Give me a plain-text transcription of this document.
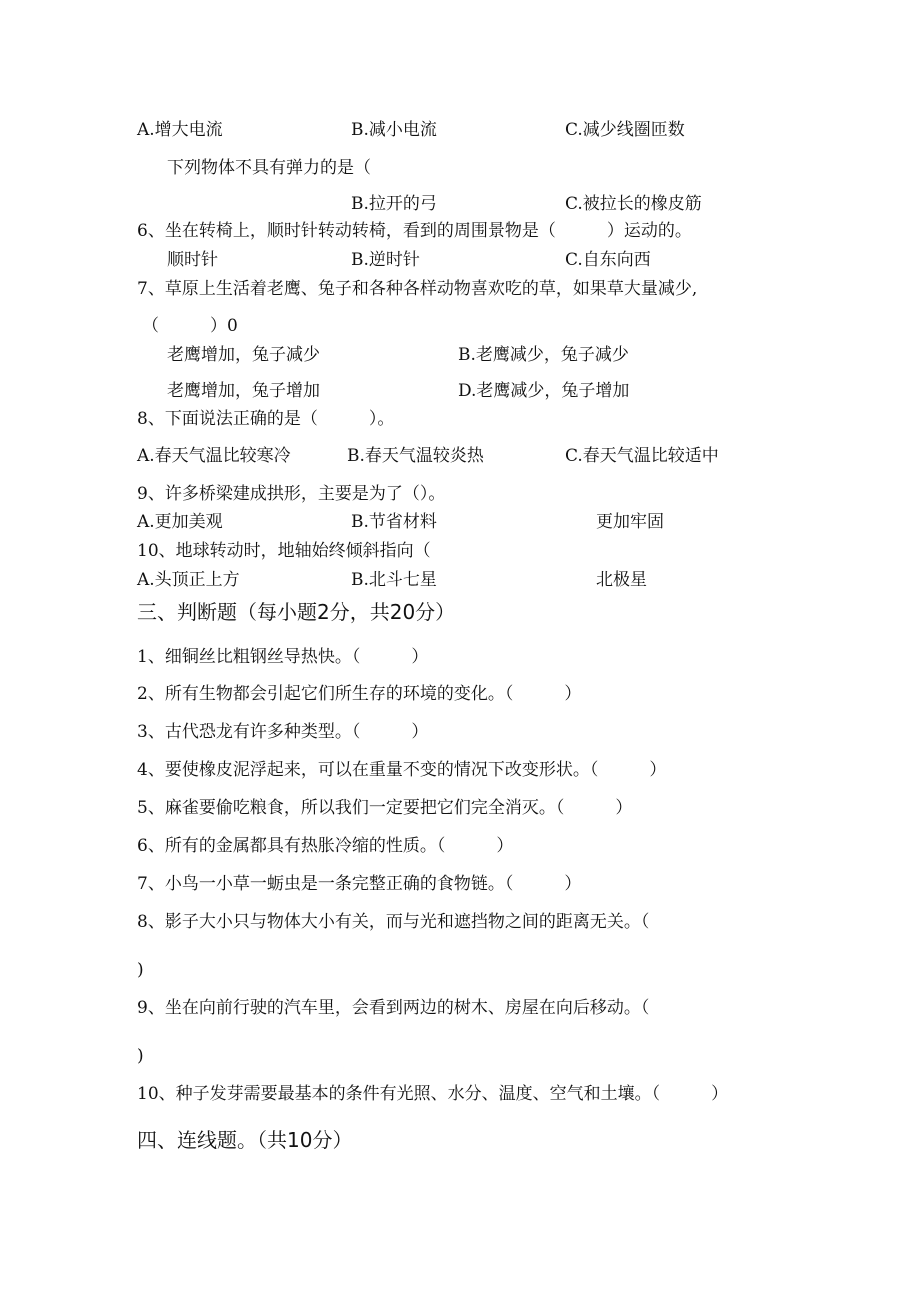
A.增大电流	B.减小电流	C.减少线圈匝数
下列物体不具有弹力的是（
B.拉开的弓	C.被拉长的橡皮筋
6、坐在转椅上，顺时针转动转椅，看到的周围景物是（　　　）运动的。
顺时针	B.逆时针	C.自东向西
7、草原上生活着老鹰、兔子和各种各样动物喜欢吃的草，如果草大量减少,
（　　　）0
老鹰增加，兔子减少	B.老鹰减少，兔子减少
老鹰增加，兔子增加	D.老鹰减少，兔子增加
8、下面说法正确的是（　　　）。
A.春天气温比较寒冷	B.春天气温较炎热	C.春天气温比较适中
9、许多桥梁建成拱形，主要是为了（）。
A.更加美观	B.节省材料	更加牢固
10、地球转动时，地轴始终倾斜指向（
A.头顶正上方	B.北斗七星	北极星
三、判断题（每小题2分，共20分）
1、细铜丝比粗钢丝导热快。（　　　）
2、所有生物都会引起它们所生存的环境的变化。（　　　）
3、古代恐龙有许多种类型。（　　　）
4、要使橡皮泥浮起来，可以在重量不变的情况下改变形状。（　　　）
5、麻雀要偷吃粮食，所以我们一定要把它们完全消灭。（　　　）
6、所有的金属都具有热胀冷缩的性质。（　　　）
7、小鸟一小草一蛎虫是一条完整正确的食物链。（　　　）
8、影子大小只与物体大小有关，而与光和遮挡物之间的距离无关。（
)
9、坐在向前行驶的汽车里，会看到两边的树木、房屋在向后移动。（
)
10、种子发芽需要最基本的条件有光照、水分、温度、空气和土壤。（　　　）
四、连线题。（共10分）
